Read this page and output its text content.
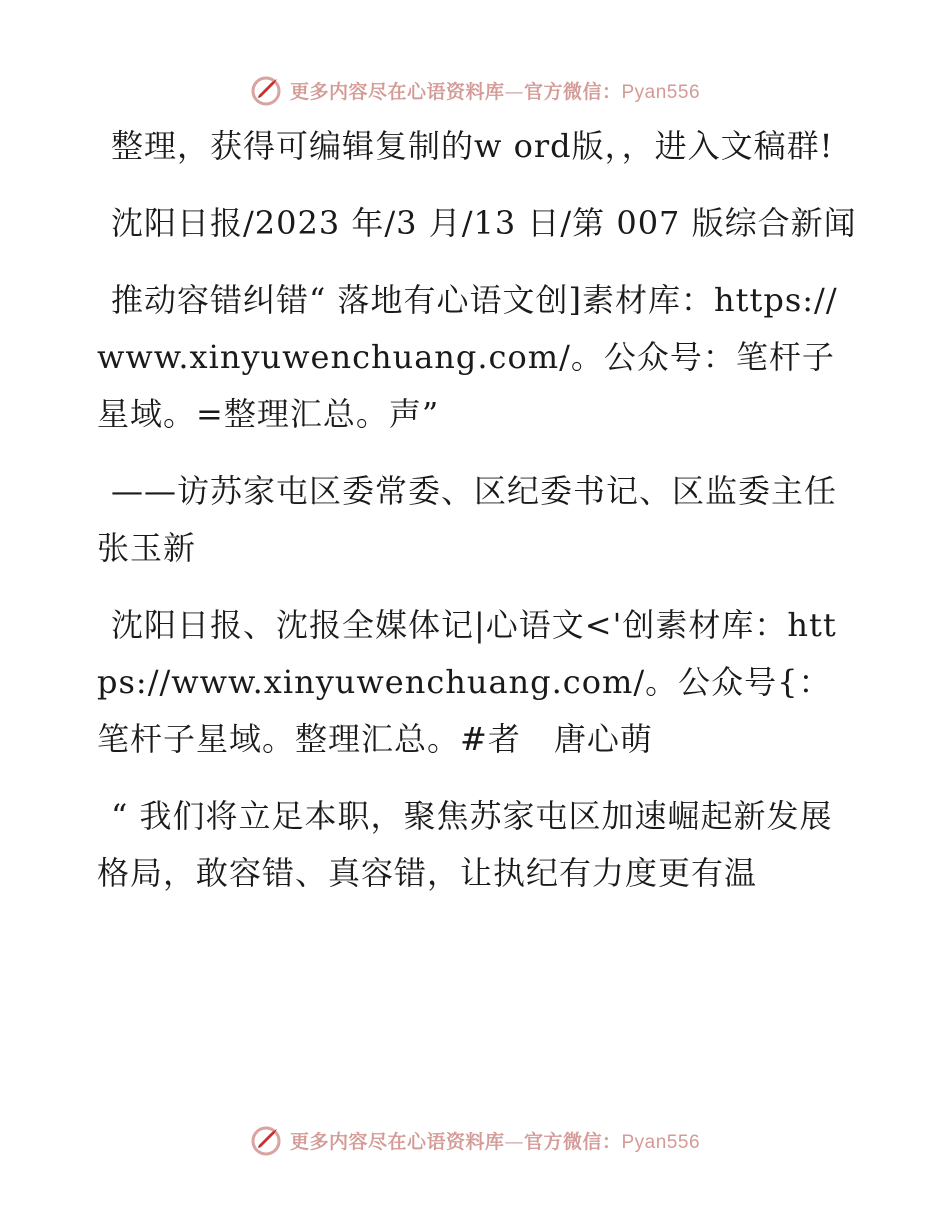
更多内容尽在心语资料库—官方微信：Pyan556

整理，获得可编辑复制的w ord版，，进入文稿群!

沈阳日报/2023 年/3 月/13 日/第 007 版综合新闻

推动容错纠错“ 落地有心语文创]素材库：https://www.xinyuwenchuang.com/。公众号：笔杆子星域。=整理汇总。声”

——访苏家屯区委常委、区纪委书记、区监委主任张玉新

沈阳日报、沈报全媒体记|心语文<'创素材库：https://www.xinyuwenchuang.com/。公众号{：笔杆子星域。整理汇总。#者　唐心萌

“ 我们将立足本职，聚焦苏家屯区加速崛起新发展格局，敢容错、真容错，让执纪有力度更有温

更多内容尽在心语资料库—官方微信：Pyan556
